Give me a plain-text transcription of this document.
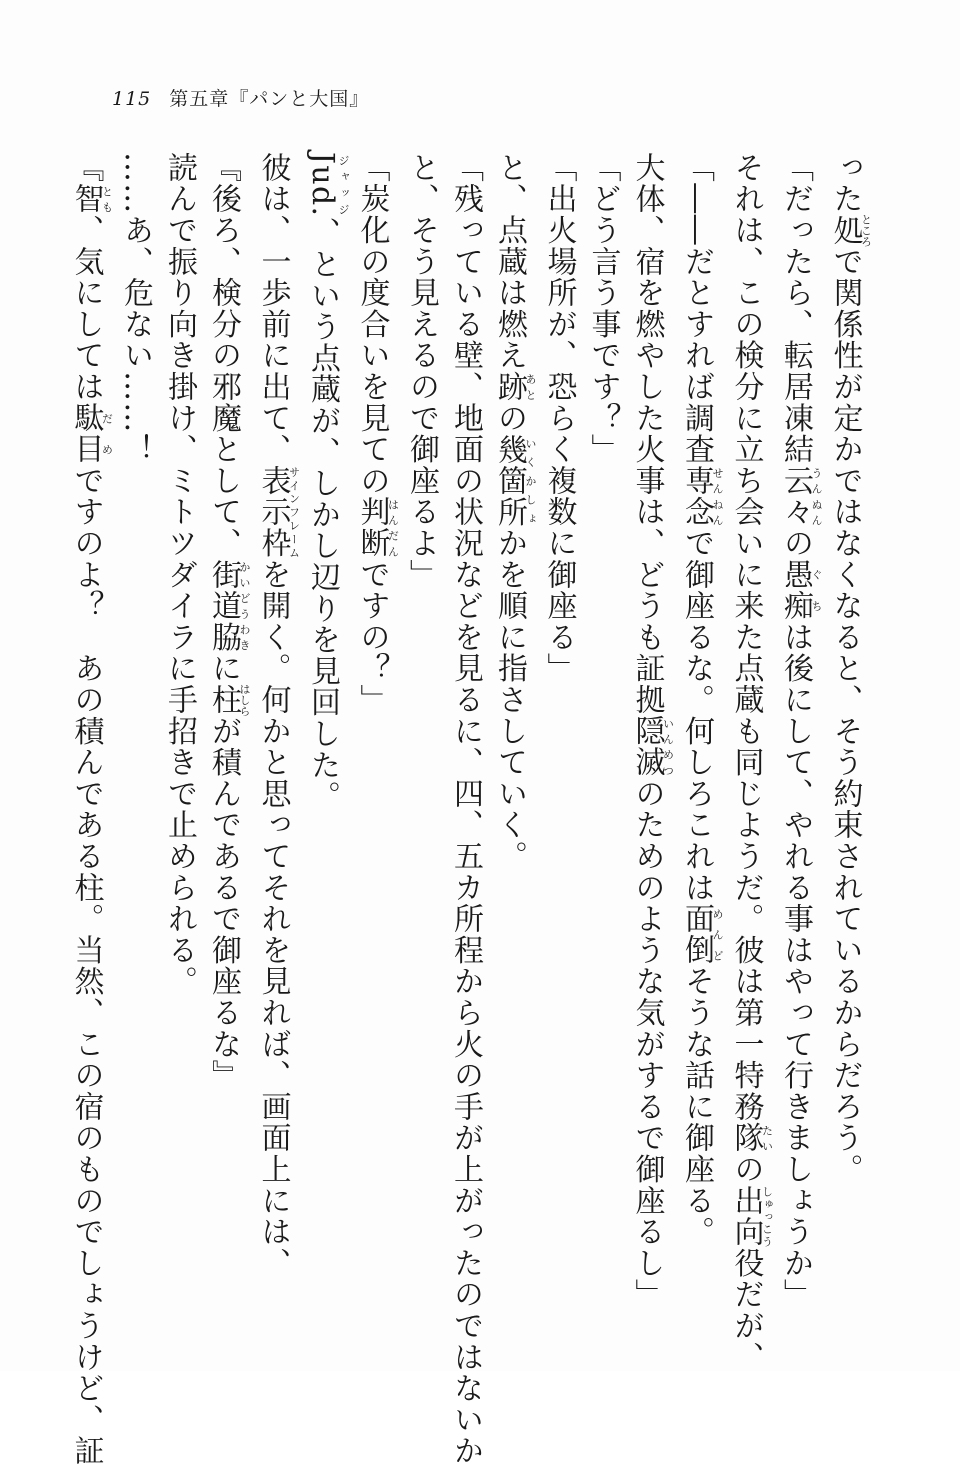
115 第五章『パンと大国』
った処ところで関係性が定かではなくなると、そう約束されているからだろう。
「だったら、転居凍結云々うんぬんの愚痴ぐちは後にして、やれる事はやって行きましょうか」
それは、この検分に立ち会いに来た点蔵も同じようだ。彼は第一特務隊たいの出向しゅっこう役だが、
「――だとすれば調査専念せんねんで御座るな。何しろこれは面倒めんどそうな話に御座る。
大体、宿を燃やした火事は、どうも証拠隠滅いんめつのためのような気がするで御座るし」
「どう言う事です？」
「出火場所が、恐らく複数に御座る」
と、点蔵は燃え跡あとの幾箇所いくかしょかを順に指さしていく。
「残っている壁、地面の状況などを見るに、四、五カ所程から火の手が上がったのではないか
と、そう見えるので御座るよ」
「炭化の度合いを見ての判断はんだんですの？」
Jud.ジャッジ、という点蔵が、しかし辺りを見回した。
彼は、一歩前に出て、表示枠サインフレームを開く。何かと思ってそれを見れば、画面上には、
『後ろ、検分の邪魔として、街道脇かいどうわきに柱はしらが積んであるで御座るな』
読んで振り向き掛け、ミトツダイラに手招きで止められる。
……あ、危ない……！
『智とも、気にしては駄目だめですのよ？　あの積んである柱。当然、この宿のものでしょうけど、証
